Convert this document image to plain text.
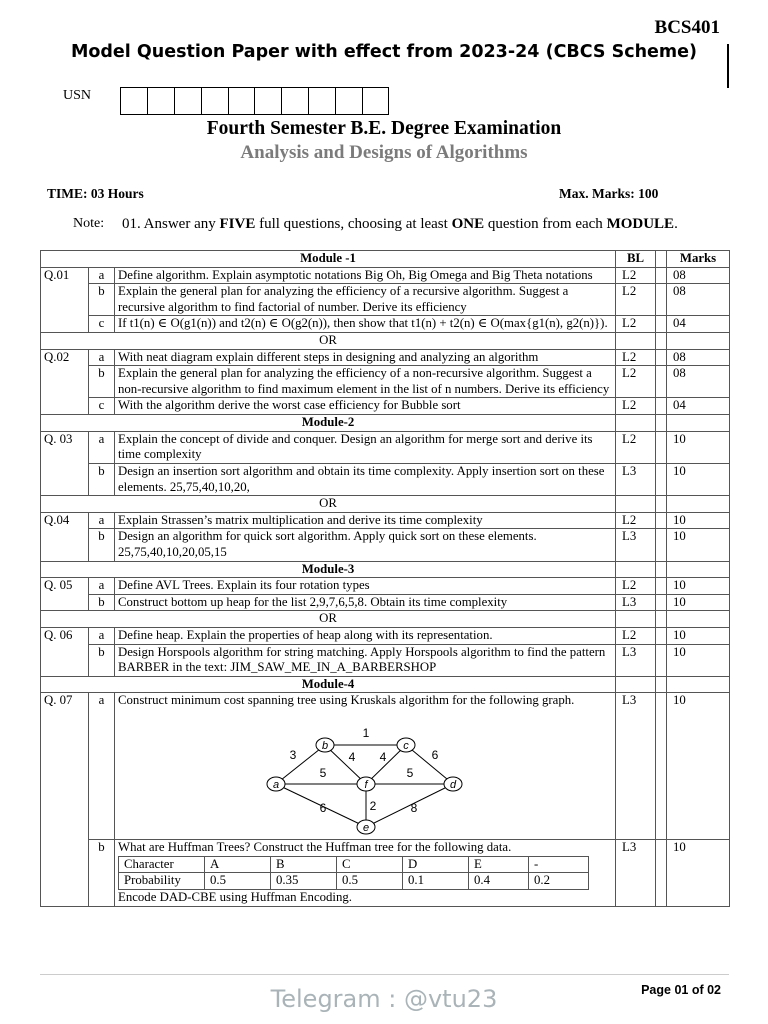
BCS401
Model Question Paper with effect from 2023-24 (CBCS Scheme)
USN
Fourth Semester B.E. Degree Examination
Analysis and Designs of Algorithms
TIME: 03 Hours	Max. Marks: 100
Note: 01. Answer any FIVE full questions, choosing at least ONE question from each MODULE.
Module -1	BL		Marks
Q.01	a	Define algorithm. Explain asymptotic notations Big Oh, Big Omega and Big Theta notations	L2		08
	b	Explain the general plan for analyzing the efficiency of a recursive algorithm. Suggest a recursive algorithm to find factorial of number. Derive its efficiency	L2		08
	c	If t1(n) ∈ O(g1(n)) and t2(n) ∈ O(g2(n)), then show that t1(n) + t2(n) ∈ O(max{g1(n), g2(n)}).	L2		04
OR			
Q.02	a	With neat diagram explain different steps in designing and analyzing an algorithm	L2		08
	b	Explain the general plan for analyzing the efficiency of a non-recursive algorithm. Suggest a non-recursive algorithm to find maximum element in the list of n numbers. Derive its efficiency	L2		08
	c	With the algorithm derive the worst case efficiency for Bubble sort	L2		04
Module-2			
Q. 03	a	Explain the concept of divide and conquer. Design an algorithm for merge sort and derive its time complexity	L2		10
	b	Design an insertion sort algorithm and obtain its time complexity. Apply insertion sort on these elements. 25,75,40,10,20,	L3		10
OR			
Q.04	a	Explain Strassen’s matrix multiplication and derive its time complexity	L2		10
	b	Design an algorithm for quick sort algorithm. Apply quick sort on these elements. 25,75,40,10,20,05,15	L3		10
Module-3			
Q. 05	a	Define AVL Trees. Explain its four rotation types	L2		10
	b	Construct bottom up heap for the list 2,9,7,6,5,8. Obtain its time complexity	L3		10
OR			
Q. 06	a	Define heap. Explain the properties of heap along with its representation.	L2		10
	b	Design Horspools algorithm for string matching. Apply Horspools algorithm to find the pattern BARBER in the text: JIM_SAW_ME_IN_A_BARBERSHOP	L3		10
Module-4			
Q. 07	a	Construct minimum cost spanning tree using Kruskals algorithm for the following graph.
1
3	4 4	6
5	5
2
6	8
a
b	c
d
e
f
	L3		10
	b	What are Huffman Trees? Construct the Huffman tree for the following data.
Character	A	B	C	D	E	-
Probability	0.5	0.35	0.5	0.1	0.4	0.2
Encode DAD-CBE using Huffman Encoding.
	L3		10
Telegram : @vtu23	Page 01 of 02
